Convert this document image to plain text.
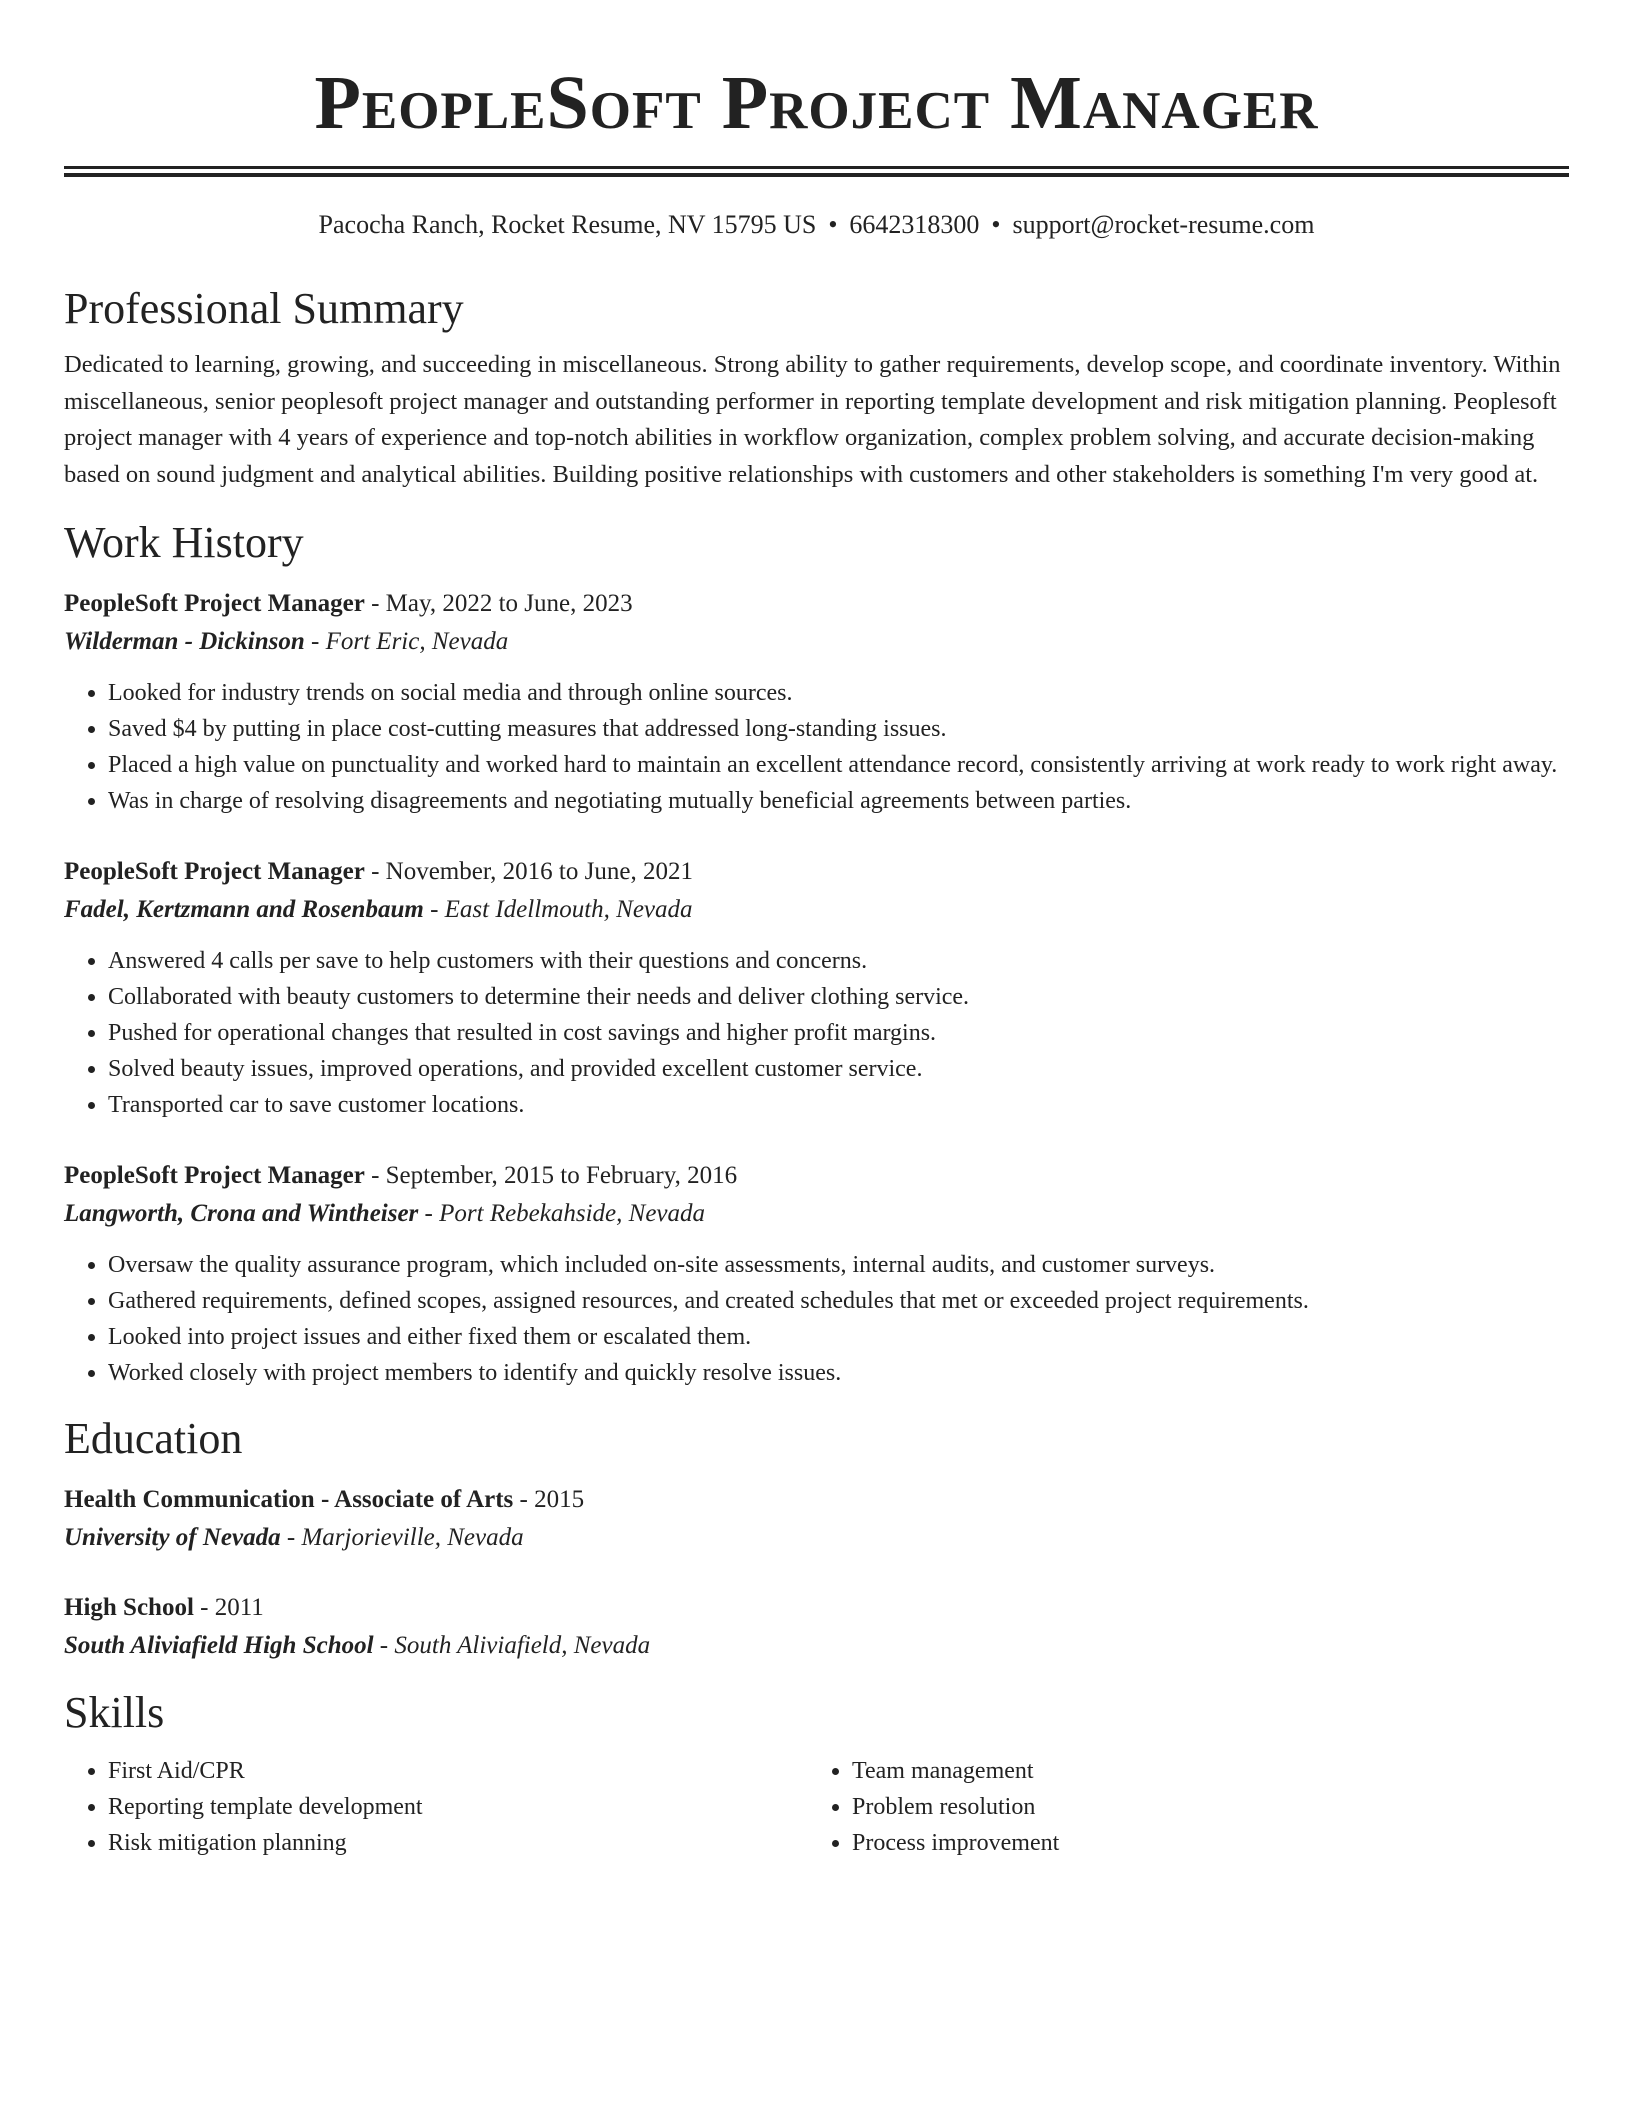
PeopleSoft Project Manager
Pacocha Ranch, Rocket Resume, NV 15795 US • 6642318300 • support@rocket-resume.com
Professional Summary
Dedicated to learning, growing, and succeeding in miscellaneous. Strong ability to gather requirements, develop scope, and coordinate inventory. Within miscellaneous, senior peoplesoft project manager and outstanding performer in reporting template development and risk mitigation planning. Peoplesoft project manager with 4 years of experience and top-notch abilities in workflow organization, complex problem solving, and accurate decision-making based on sound judgment and analytical abilities. Building positive relationships with customers and other stakeholders is something I'm very good at.
Work History
PeopleSoft Project Manager - May, 2022 to June, 2023
Wilderman - Dickinson - Fort Eric, Nevada
• Looked for industry trends on social media and through online sources.
• Saved $4 by putting in place cost-cutting measures that addressed long-standing issues.
• Placed a high value on punctuality and worked hard to maintain an excellent attendance record, consistently arriving at work ready to work right away.
• Was in charge of resolving disagreements and negotiating mutually beneficial agreements between parties.
PeopleSoft Project Manager - November, 2016 to June, 2021
Fadel, Kertzmann and Rosenbaum - East Idellmouth, Nevada
• Answered 4 calls per save to help customers with their questions and concerns.
• Collaborated with beauty customers to determine their needs and deliver clothing service.
• Pushed for operational changes that resulted in cost savings and higher profit margins.
• Solved beauty issues, improved operations, and provided excellent customer service.
• Transported car to save customer locations.
PeopleSoft Project Manager - September, 2015 to February, 2016
Langworth, Crona and Wintheiser - Port Rebekahside, Nevada
• Oversaw the quality assurance program, which included on-site assessments, internal audits, and customer surveys.
• Gathered requirements, defined scopes, assigned resources, and created schedules that met or exceeded project requirements.
• Looked into project issues and either fixed them or escalated them.
• Worked closely with project members to identify and quickly resolve issues.
Education
Health Communication - Associate of Arts - 2015
University of Nevada - Marjorieville, Nevada
High School - 2011
South Aliviafield High School - South Aliviafield, Nevada
Skills
• First Aid/CPR
• Reporting template development
• Risk mitigation planning
• Team management
• Problem resolution
• Process improvement
